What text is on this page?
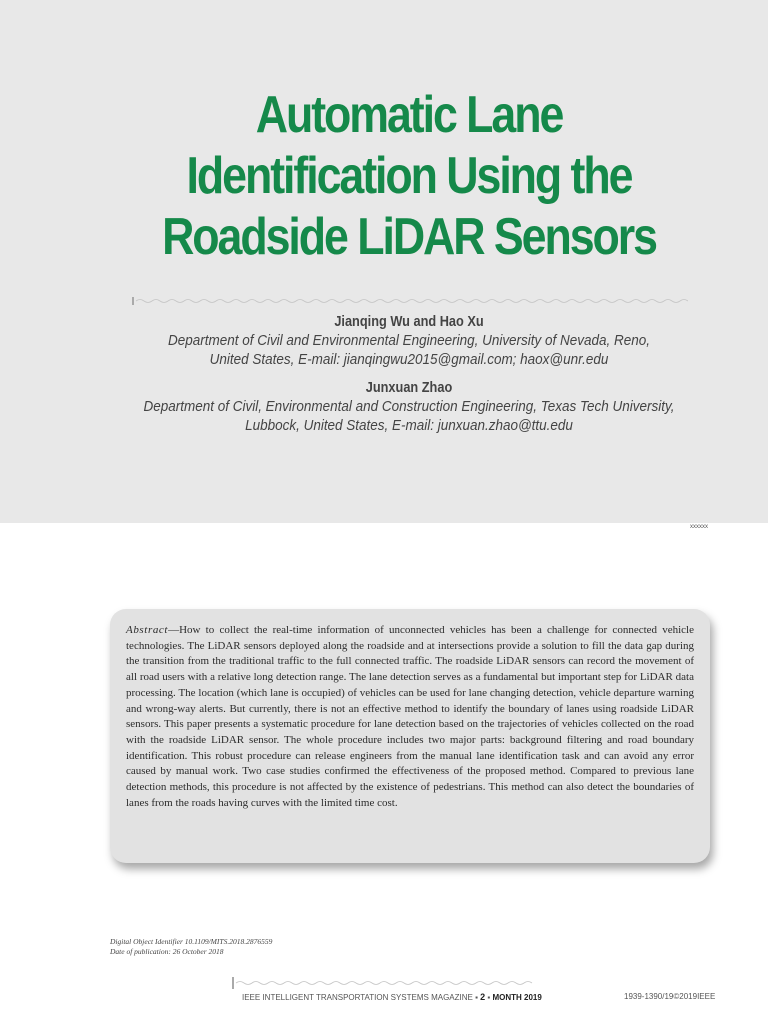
Automatic Lane
Identification Using the
Roadside LiDAR Sensors
Jianqing Wu and Hao Xu
Department of Civil and Environmental Engineering, University of Nevada, Reno,
United States, E-mail: jianqingwu2015@gmail.com; haox@unr.edu
Junxuan Zhao
Department of Civil, Environmental and Construction Engineering, Texas Tech University,
Lubbock, United States, E-mail: junxuan.zhao@ttu.edu
xxxxxx

Abstract—How to collect the real-time information of unconnected vehicles has been a challenge for connected vehicle technologies. The LiDAR sensors deployed along the roadside and at intersections provide a solution to fill the data gap during the transition from the traditional traffic to the full connected traffic. The roadside LiDAR sensors can record the movement of all road users with a relative long detection range. The lane detection serves as a fundamental but important step for LiDAR data processing. The location (which lane is occupied) of vehicles can be used for lane changing detection, vehicle departure warning and wrong-way alerts. But currently, there is not an effective method to identify the boundary of lanes using roadside LiDAR sensors. This paper presents a systematic procedure for lane detection based on the trajectories of vehicles collected on the road with the roadside LiDAR sensor. The whole procedure includes two major parts: background filtering and road boundary identification. This robust procedure can release engineers from the manual lane identification task and can avoid any error caused by manual work. Two case studies confirmed the effectiveness of the proposed method. Compared to previous lane detection methods, this procedure is not affected by the existence of pedestrians. This method can also detect the boundaries of lanes from the roads having curves with the limited time cost.

Digital Object Identifier 10.1109/MITS.2018.2876559
Date of publication: 26 October 2018
IEEE INTELLIGENT TRANSPORTATION SYSTEMS MAGAZINE ▪ 2 ▪ MONTH 2019	1939-1390/19©2019IEEE
